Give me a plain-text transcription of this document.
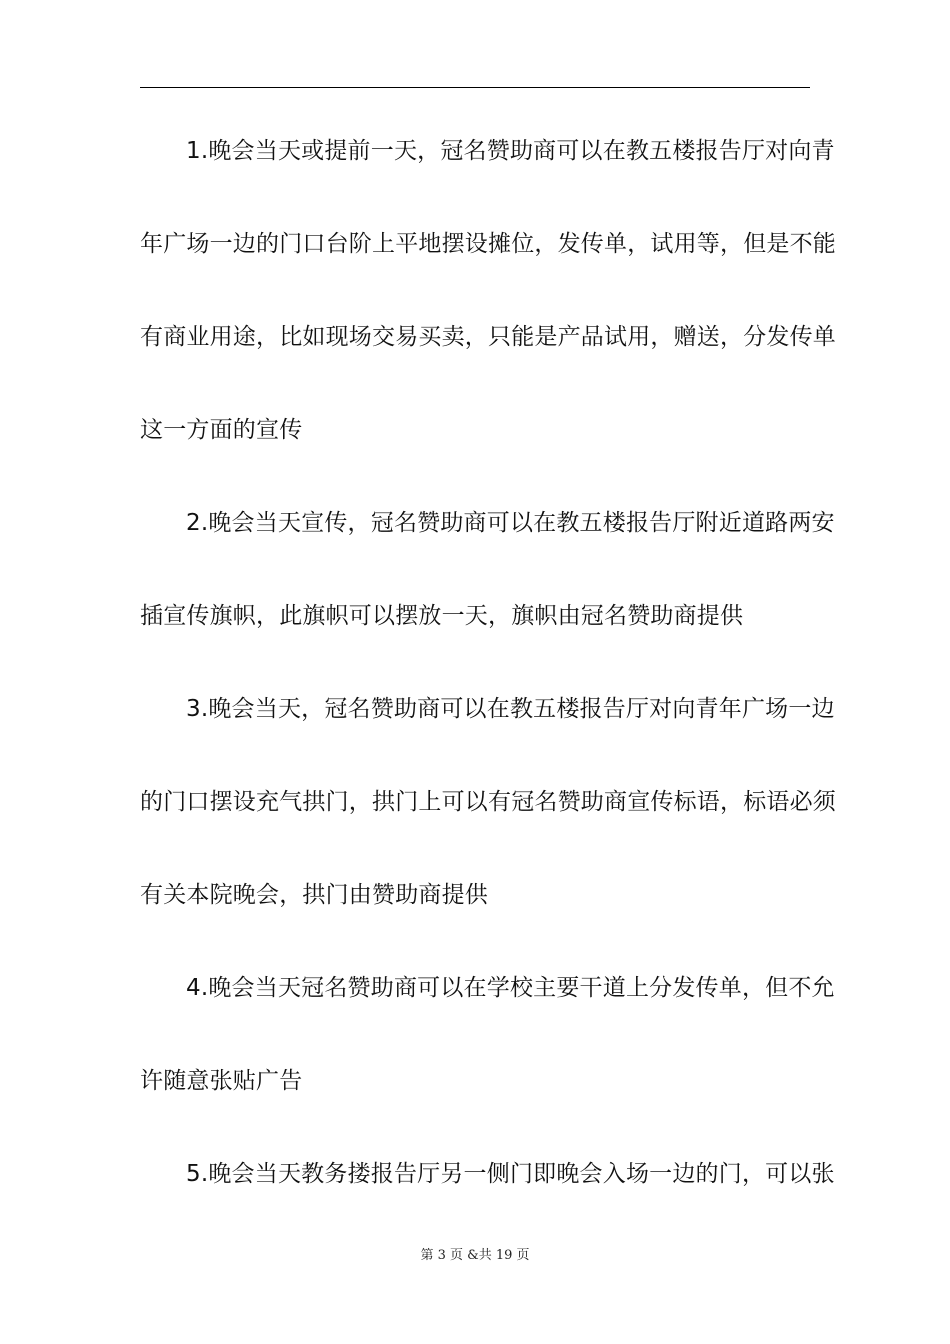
1.晚会当天或提前一天，冠名赞助商可以在教五楼报告厅对向青
年广场一边的门口台阶上平地摆设摊位，发传单，试用等，但是不能
有商业用途，比如现场交易买卖，只能是产品试用，赠送，分发传单
这一方面的宣传
2.晚会当天宣传，冠名赞助商可以在教五楼报告厅附近道路两安
插宣传旗帜，此旗帜可以摆放一天，旗帜由冠名赞助商提供
3.晚会当天，冠名赞助商可以在教五楼报告厅对向青年广场一边
的门口摆设充气拱门，拱门上可以有冠名赞助商宣传标语，标语必须
有关本院晚会，拱门由赞助商提供
4.晚会当天冠名赞助商可以在学校主要干道上分发传单，但不允
许随意张贴广告
5.晚会当天教务搂报告厅另一侧门即晚会入场一边的门，可以张
第 3 页 &共 19 页
